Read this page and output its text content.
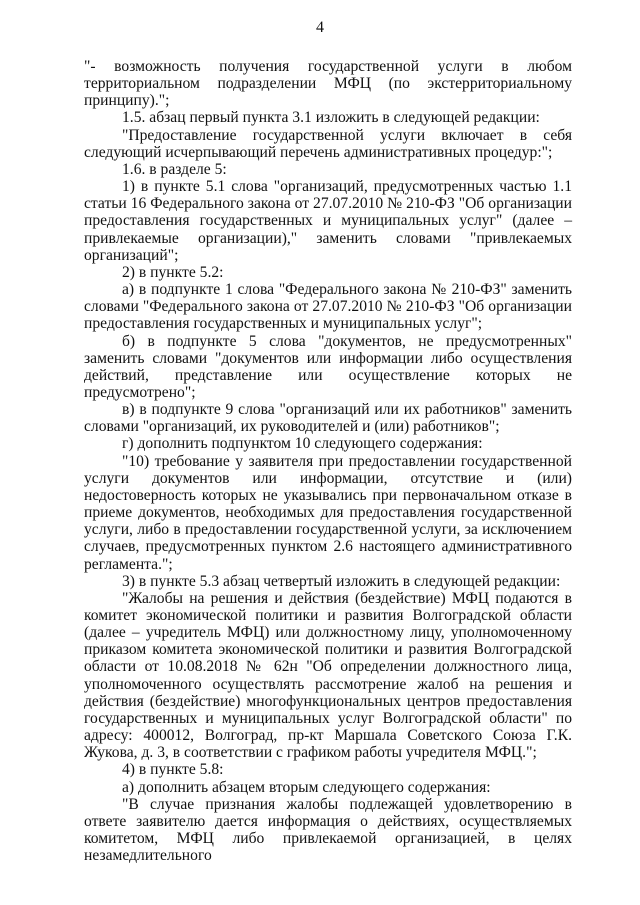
4

"- возможность получения государственной услуги в любом территориальном подразделении МФЦ (по экстерриториальному принципу).";

1.5. абзац первый пункта 3.1 изложить в следующей редакции:

"Предоставление государственной услуги включает в себя следующий исчерпывающий перечень административных процедур:";

1.6. в разделе 5:

1) в пункте 5.1 слова "организаций, предусмотренных частью 1.1 статьи 16 Федерального закона от 27.07.2010 № 210-ФЗ "Об организации предоставления государственных и муниципальных услуг" (далее – привлекаемые организации)," заменить словами "привлекаемых организаций";

2) в пункте 5.2:

а) в подпункте 1 слова "Федерального закона № 210-ФЗ" заменить словами "Федерального закона от 27.07.2010 № 210-ФЗ "Об организации предоставления государственных и муниципальных услуг";

б) в подпункте 5 слова "документов, не предусмотренных" заменить словами "документов или информации либо осуществления действий, представление или осуществление которых не предусмотрено";

в) в подпункте 9 слова "организаций или их работников" заменить словами "организаций, их руководителей и (или) работников";

г) дополнить подпунктом 10 следующего содержания:

"10) требование у заявителя при предоставлении государственной услуги документов или информации, отсутствие и (или) недостоверность которых не указывались при первоначальном отказе в приеме документов, необходимых для предоставления государственной услуги, либо в предоставлении государственной услуги, за исключением случаев, предусмотренных пунктом 2.6 настоящего административного регламента.";

3) в пункте 5.3 абзац четвертый изложить в следующей редакции:

"Жалобы на решения и действия (бездействие) МФЦ подаются в комитет экономической политики и развития Волгоградской области (далее – учредитель МФЦ) или должностному лицу, уполномоченному приказом комитета экономической политики и развития Волгоградской области от 10.08.2018 № 62н "Об определении должностного лица, уполномоченного осуществлять рассмотрение жалоб на решения и действия (бездействие) многофункциональных центров предоставления государственных и муниципальных услуг Волгоградской области" по адресу: 400012, Волгоград, пр-кт Маршала Советского Союза Г.К. Жукова, д. 3, в соответствии с графиком работы учредителя МФЦ.";

4) в пункте 5.8:

а) дополнить абзацем вторым следующего содержания:

"В случае признания жалобы подлежащей удовлетворению в ответе заявителю дается информация о действиях, осуществляемых комитетом, МФЦ либо привлекаемой организацией, в целях незамедлительного
